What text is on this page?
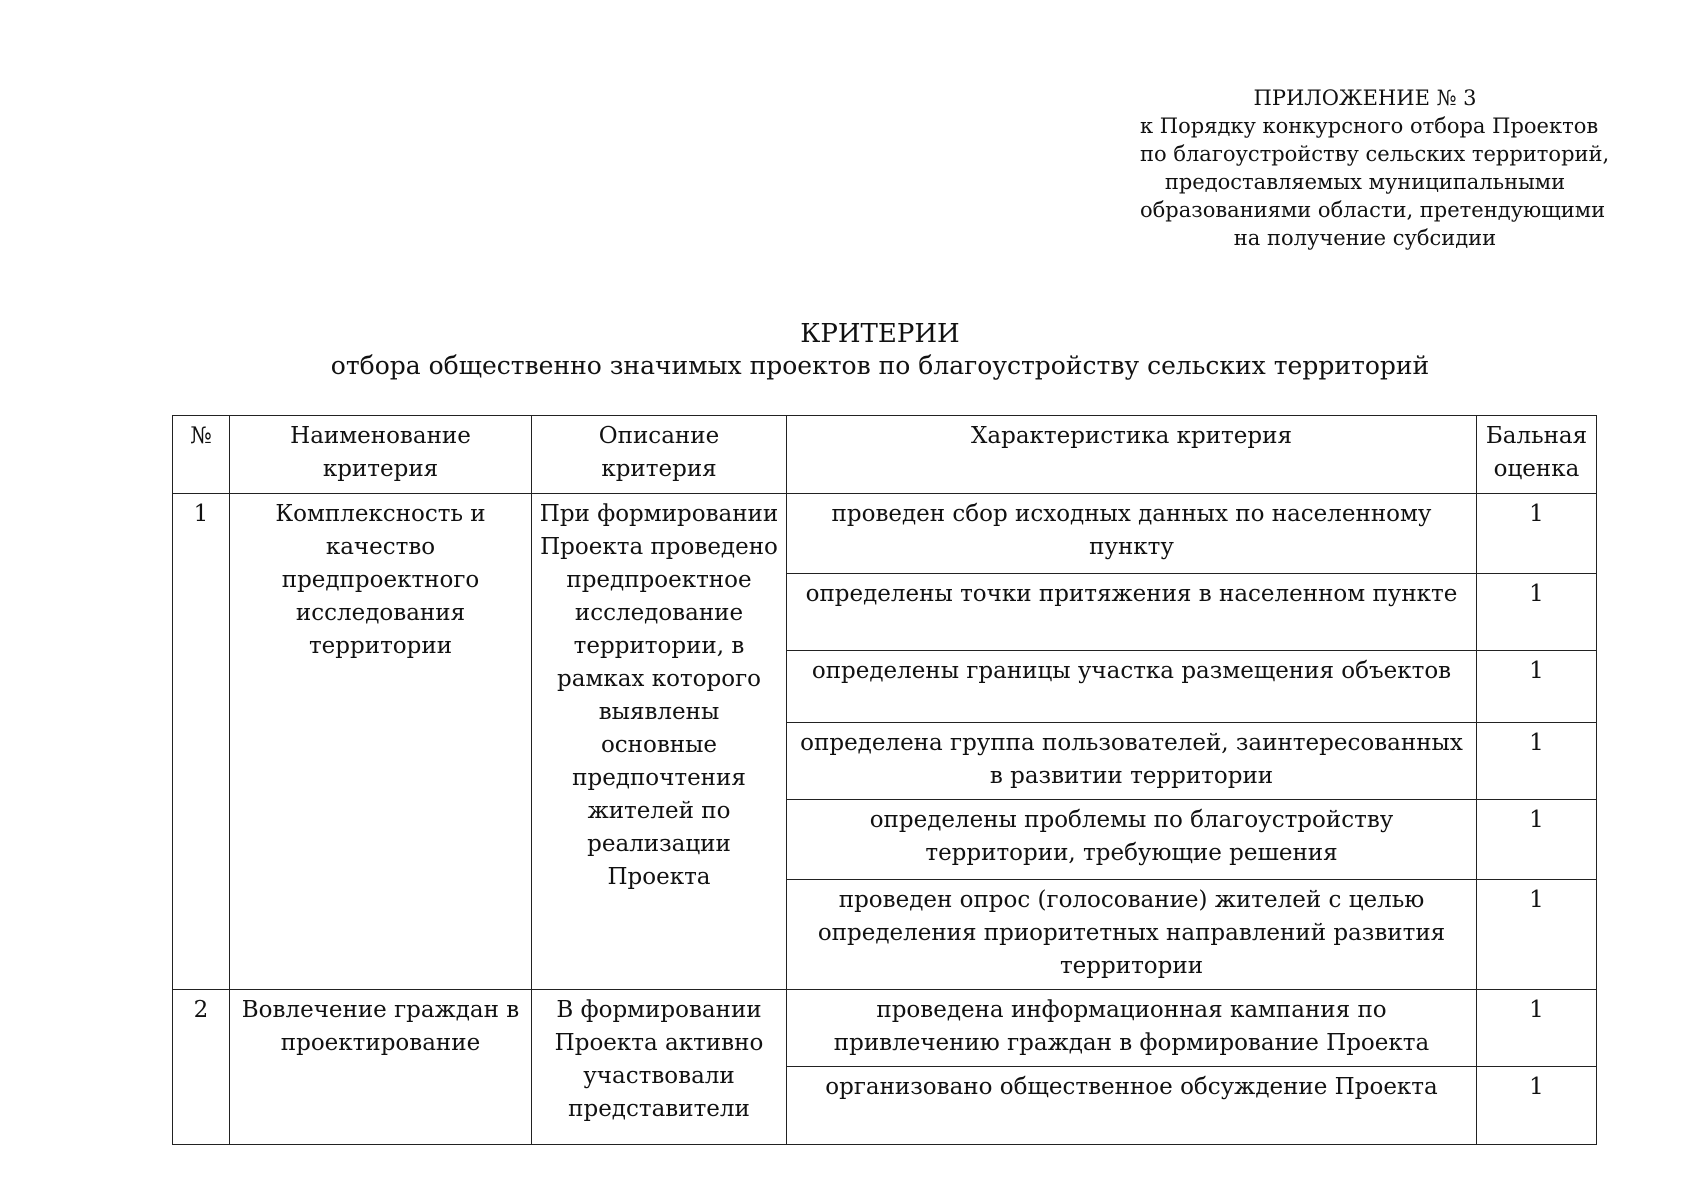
ПРИЛОЖЕНИЕ № 3
к Порядку конкурсного отбора Проектов
по благоустройству сельских территорий,
предоставляемых муниципальными
образованиями области, претендующими
на получение субсидии
КРИТЕРИИ
отбора общественно значимых проектов по благоустройству сельских территорий
№	Наименование критерия	Описание критерия	Характеристика критерия	Бальная оценка
1	Комплексность и качество предпроектного исследования территории	При формировании Проекта проведено предпроектное исследование территории, в рамках которого выявлены основные предпочтения жителей по реализации Проекта	проведен сбор исходных данных по населенному пункту	1
			определены точки притяжения в населенном пункте	1
			определены границы участка размещения объектов	1
			определена группа пользователей, заинтересованных в развитии территории	1
			определены проблемы по благоустройству территории, требующие решения	1
			проведен опрос (голосование) жителей с целью определения приоритетных направлений развития территории	1
2	Вовлечение граждан в проектирование	В формировании Проекта активно участвовали представители	проведена информационная кампания по привлечению граждан в формирование Проекта	1
			организовано общественное обсуждение Проекта	1
